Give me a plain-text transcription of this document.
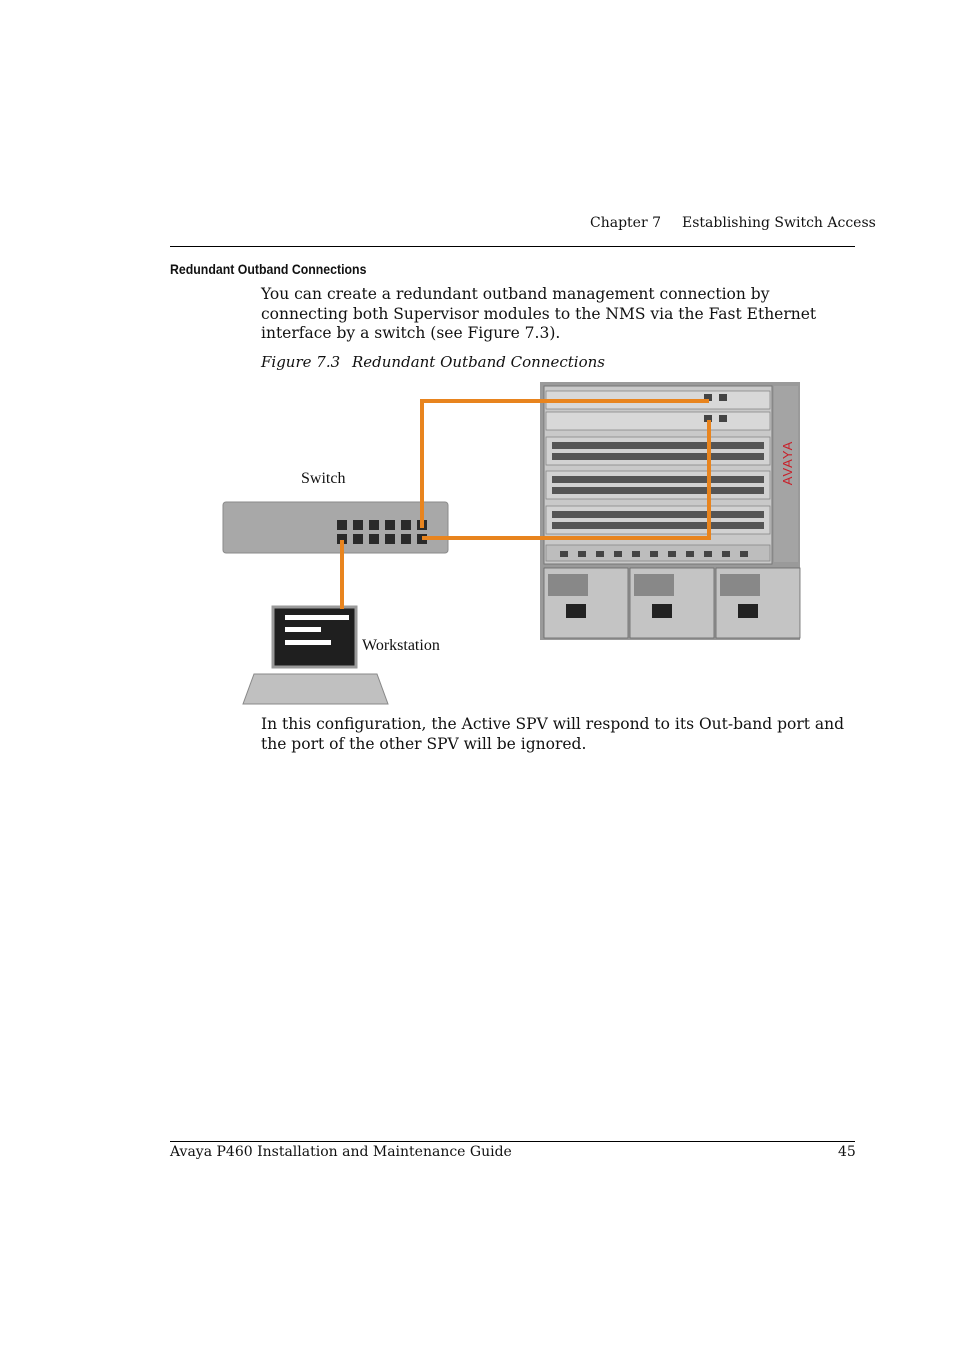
Chapter 7 Establishing Switch Access
Redundant Outband Connections
You can create a redundant outband management connection by connecting both Supervisor modules to the NMS via the Fast Ethernet interface by a switch (see Figure 7.3).
Figure 7.3 Redundant Outband Connections
AVAYA
Switch
Workstation
In this configuration, the Active SPV will respond to its Out-band port and the port of the other SPV will be ignored.
Avaya P460 Installation and Maintenance Guide	45
